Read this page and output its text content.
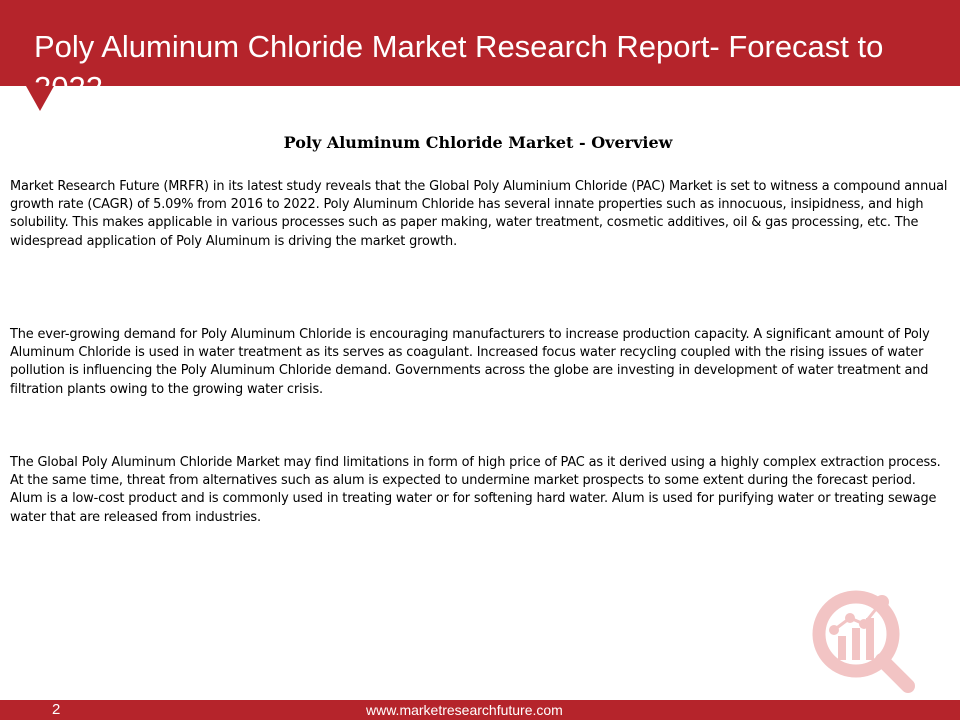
Poly Aluminum Chloride Market Research Report- Forecast to
2022
Poly Aluminum Chloride Market - Overview

Market Research Future (MRFR) in its latest study reveals that the Global Poly Aluminium Chloride (PAC) Market is set to witness a compound annual growth rate (CAGR) of 5.09% from 2016 to 2022. Poly Aluminum Chloride has several innate properties such as innocuous, insipidness, and high solubility. This makes applicable in various processes such as paper making, water treatment, cosmetic additives, oil & gas processing, etc. The widespread application of Poly Aluminum is driving the market growth.

The ever-growing demand for Poly Aluminum Chloride is encouraging manufacturers to increase production capacity. A significant amount of Poly Aluminum Chloride is used in water treatment as its serves as coagulant. Increased focus water recycling coupled with the rising issues of water pollution is influencing the Poly Aluminum Chloride demand. Governments across the globe are investing in development of water treatment and filtration plants owing to the growing water crisis.

The Global Poly Aluminum Chloride Market may find limitations in form of high price of PAC as it derived using a highly complex extraction process. At the same time, threat from alternatives such as alum is expected to undermine market prospects to some extent during the forecast period. Alum is a low-cost product and is commonly used in treating water or for softening hard water. Alum is used for purifying water or treating sewage water that are released from industries.

2	www.marketresearchfuture.com
